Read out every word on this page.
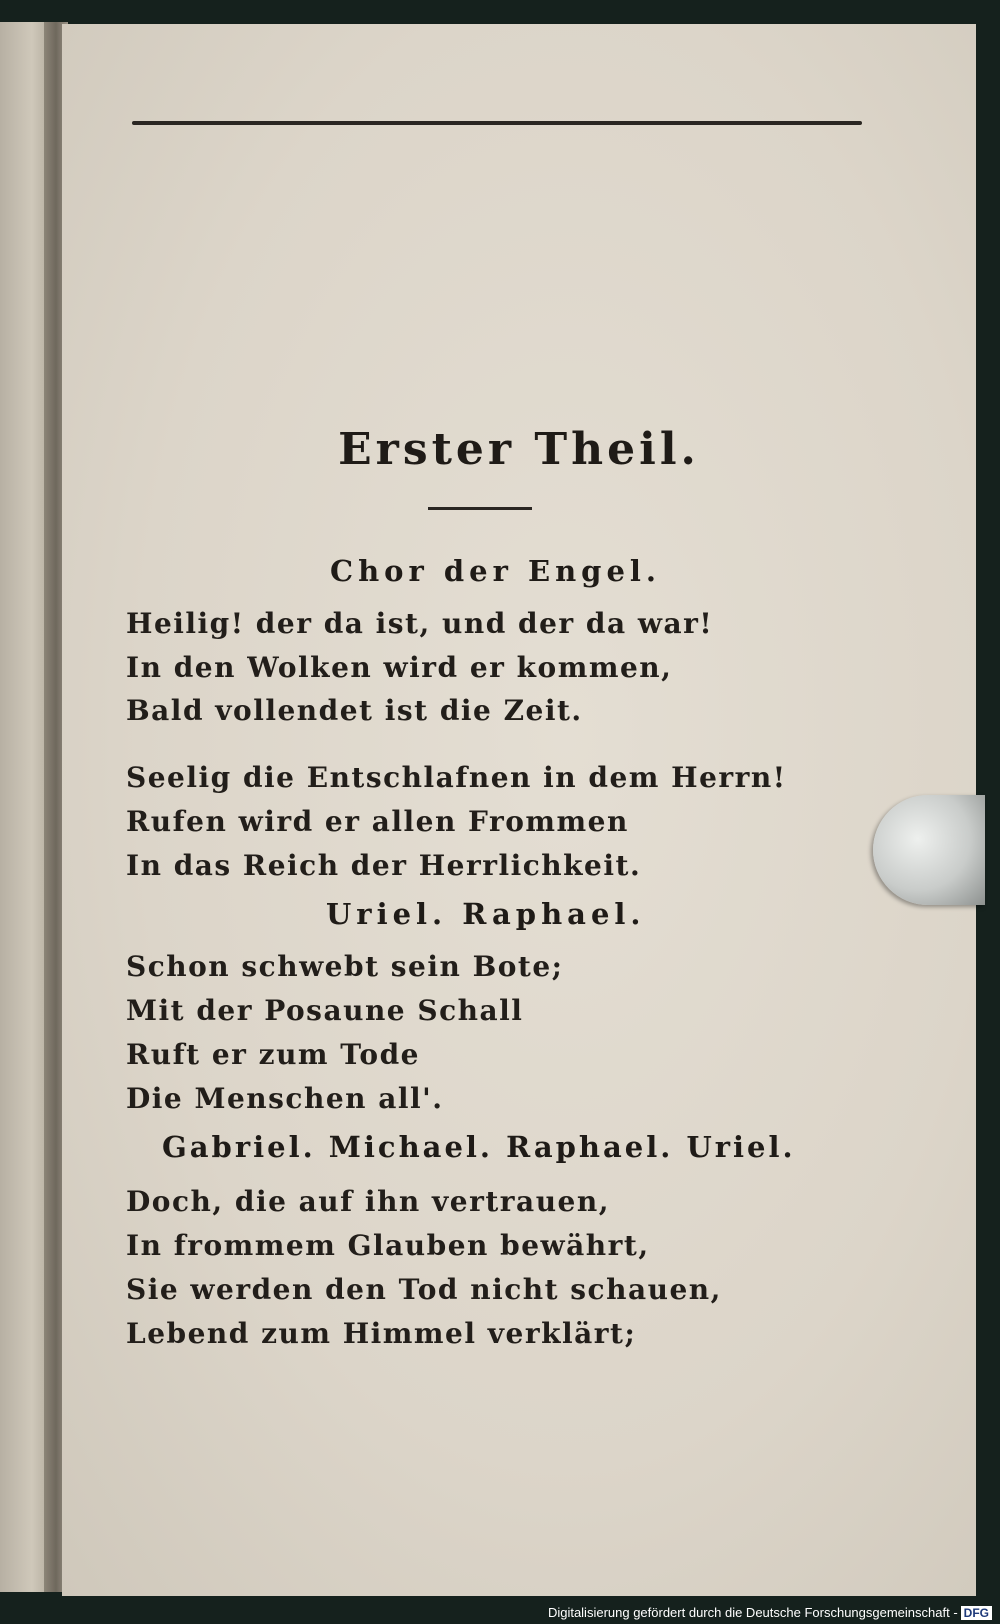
Erster Theil.
Chor der Engel.
Heilig! der da ist, und der da war!
In den Wolken wird er kommen,
Bald vollendet ist die Zeit.
Seelig die Entschlafnen in dem Herrn!
Rufen wird er allen Frommen
In das Reich der Herrlichkeit.
Uriel. Raphael.
Schon schwebt sein Bote;
Mit der Posaune Schall
Ruft er zum Tode
Die Menschen all'.
Gabriel. Michael. Raphael. Uriel.
Doch, die auf ihn vertrauen,
In frommem Glauben bewährt,
Sie werden den Tod nicht schauen,
Lebend zum Himmel verklärt;
Digitalisierung gefördert durch die Deutsche Forschungsgemeinschaft - DFG
